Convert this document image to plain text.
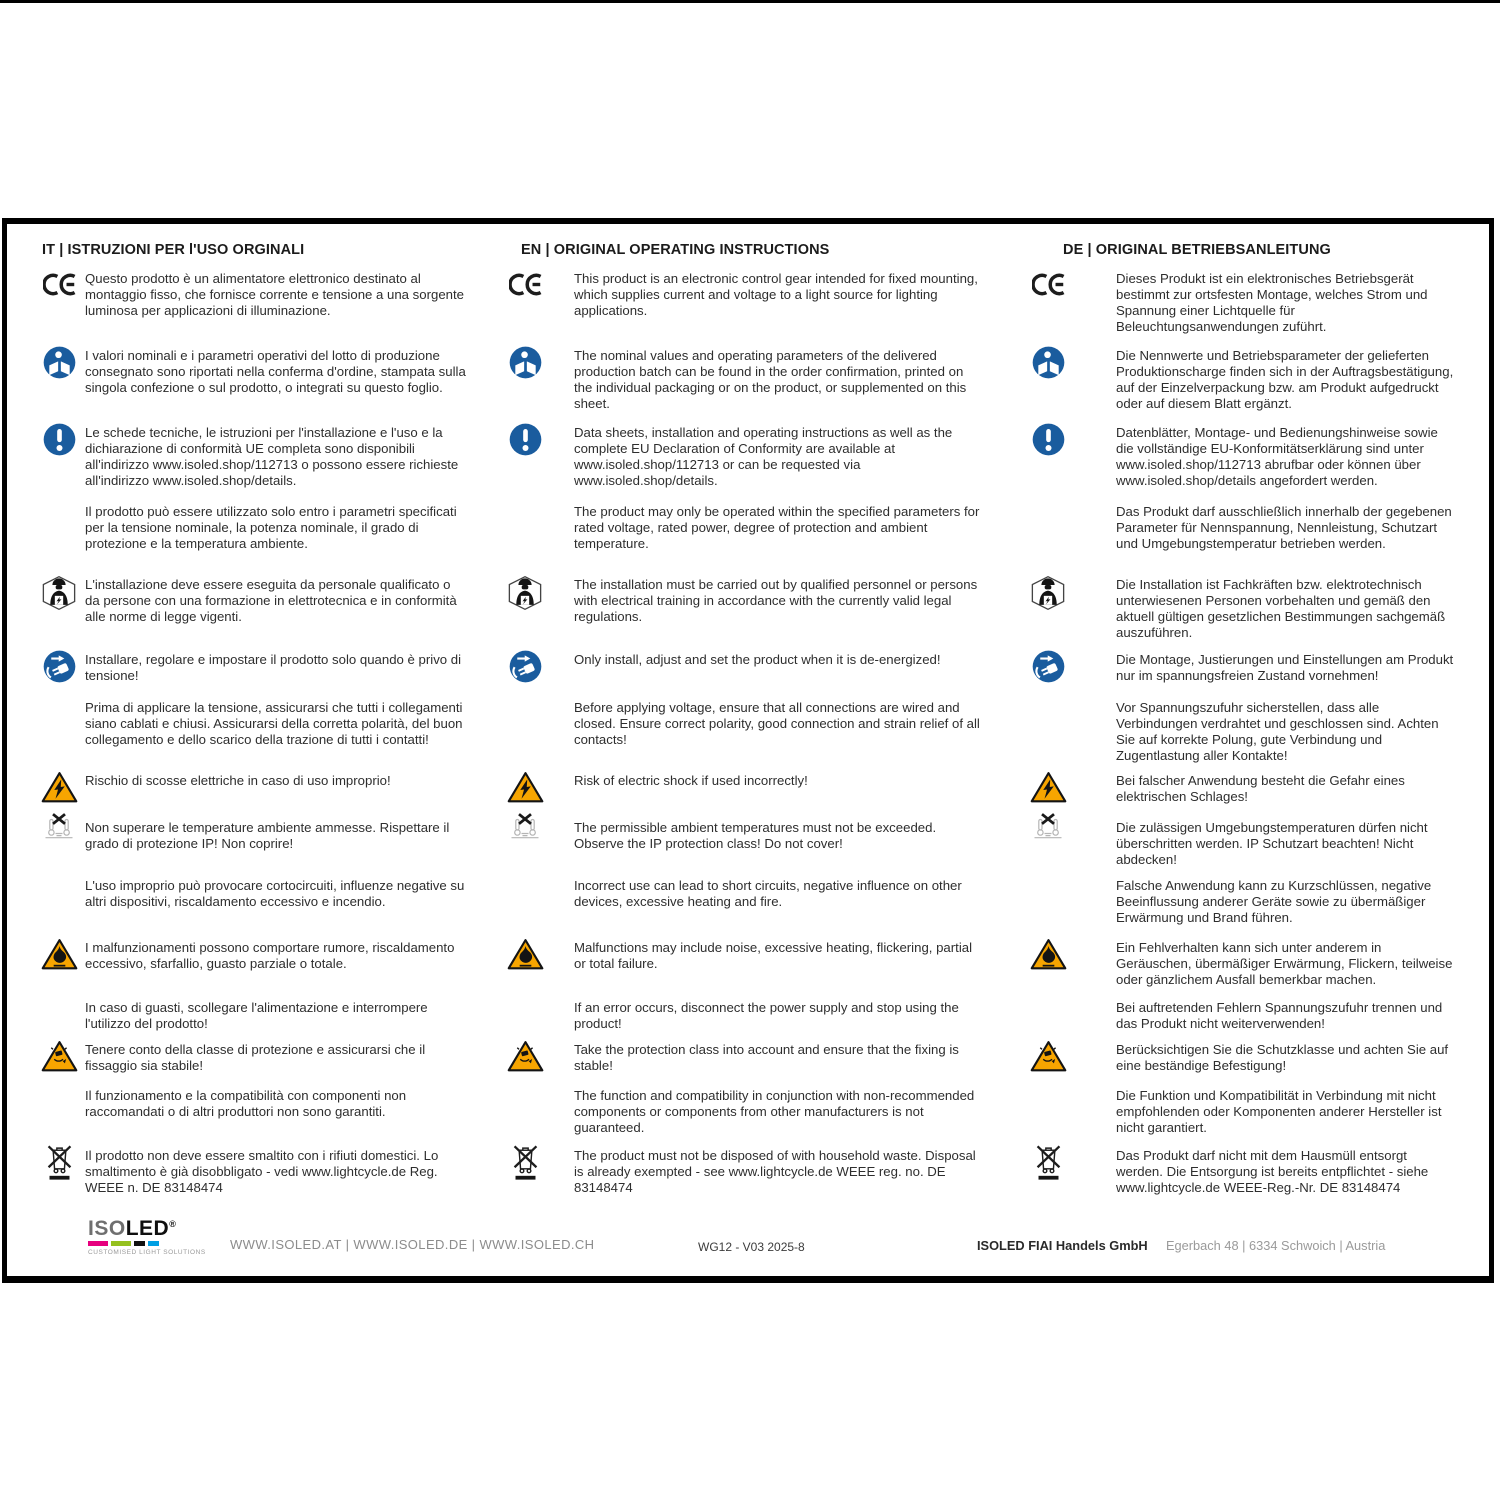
IT | ISTRUZIONI PER l'USO ORGINALI

Questo prodotto è un alimentatore elettronico destinato al montaggio fisso, che fornisce corrente e tensione a una sorgente luminosa per applicazioni di illuminazione.

I valori nominali e i parametri operativi del lotto di produzione consegnato sono riportati nella conferma d'ordine, stampata sulla singola confezione o sul prodotto, o integrati su questo foglio.

Le schede tecniche, le istruzioni per l'installazione e l'uso e la dichiarazione di conformità UE completa sono disponibili all'indirizzo www.isoled.shop/112713 o possono essere richieste all'indirizzo www.isoled.shop/details.

Il prodotto può essere utilizzato solo entro i parametri specificati per la tensione nominale, la potenza nominale, il grado di protezione e la temperatura ambiente.

L'installazione deve essere eseguita da personale qualificato o da persone con una formazione in elettrotecnica e in conformità alle norme di legge vigenti.

Installare, regolare e impostare il prodotto solo quando è privo di tensione!

Prima di applicare la tensione, assicurarsi che tutti i collegamenti siano cablati e chiusi. Assicurarsi della corretta polarità, del buon collegamento e dello scarico della trazione di tutti i contatti!

Rischio di scosse elettriche in caso di uso improprio!

Non superare le temperature ambiente ammesse. Rispettare il grado di protezione IP! Non coprire!

L'uso improprio può provocare cortocircuiti, influenze negative su altri dispositivi, riscaldamento eccessivo e incendio.

I malfunzionamenti possono comportare rumore, riscaldamento eccessivo, sfarfallio, guasto parziale o totale.

In caso di guasti, scollegare l'alimentazione e interrompere l'utilizzo del prodotto!

Tenere conto della classe di protezione e assicurarsi che il fissaggio sia stabile!

Il funzionamento e la compatibilità con componenti non raccomandati o di altri produttori non sono garantiti.

Il prodotto non deve essere smaltito con i rifiuti domestici. Lo smaltimento è già disobbligato - vedi www.lightcycle.de Reg. WEEE n. DE 83148474

EN | ORIGINAL OPERATING INSTRUCTIONS

This product is an electronic control gear intended for fixed mounting, which supplies current and voltage to a light source for lighting applications.

The nominal values and operating parameters of the delivered production batch can be found in the order confirmation, printed on the individual packaging or on the product, or supplemented on this sheet.

Data sheets, installation and operating instructions as well as the complete EU Declaration of Conformity are available at www.isoled.shop/112713 or can be requested via www.isoled.shop/details.

The product may only be operated within the specified parameters for rated voltage, rated power, degree of protection and ambient temperature.

The installation must be carried out by qualified personnel or persons with electrical training in accordance with the currently valid legal regulations.

Only install, adjust and set the product when it is de-energized!

Before applying voltage, ensure that all connections are wired and closed. Ensure correct polarity, good connection and strain relief of all contacts!

Risk of electric shock if used incorrectly!

The permissible ambient temperatures must not be exceeded. Observe the IP protection class! Do not cover!

Incorrect use can lead to short circuits, negative influence on other devices, excessive heating and fire.

Malfunctions may include noise, excessive heating, flickering, partial or total failure.

If an error occurs, disconnect the power supply and stop using the product!

Take the protection class into account and ensure that the fixing is stable!

The function and compatibility in conjunction with non-recommended components or components from other manufacturers is not guaranteed.

The product must not be disposed of with household waste. Disposal is already exempted - see www.lightcycle.de WEEE reg. no. DE 83148474

DE | ORIGINAL BETRIEBSANLEITUNG

Dieses Produkt ist ein elektronisches Betriebsgerät bestimmt zur ortsfesten Montage, welches Strom und Spannung einer Lichtquelle für Beleuchtungsanwendungen zuführt.

Die Nennwerte und Betriebsparameter der gelieferten Produktionscharge finden sich in der Auftragsbestätigung, auf der Einzelverpackung bzw. am Produkt aufgedruckt oder auf diesem Blatt ergänzt.

Datenblätter, Montage- und Bedienungshinweise sowie die vollständige EU-Konformitätserklärung sind unter www.isoled.shop/112713 abrufbar oder können über www.isoled.shop/details angefordert werden.

Das Produkt darf ausschließlich innerhalb der gegebenen Parameter für Nennspannung, Nennleistung, Schutzart und Umgebungstemperatur betrieben werden.

Die Installation ist Fachkräften bzw. elektrotechnisch unterwiesenen Personen vorbehalten und gemäß den aktuell gültigen gesetzlichen Bestimmungen sachgemäß auszuführen.

Die Montage, Justierungen und Einstellungen am Produkt nur im spannungsfreien Zustand vornehmen!

Vor Spannungszufuhr sicherstellen, dass alle Verbindungen verdrahtet und geschlossen sind. Achten Sie auf korrekte Polung, gute Verbindung und Zugentlastung aller Kontakte!

Bei falscher Anwendung besteht die Gefahr eines elektrischen Schlages!

Die zulässigen Umgebungstemperaturen dürfen nicht überschritten werden. IP Schutzart beachten! Nicht abdecken!

Falsche Anwendung kann zu Kurzschlüssen, negative Beeinflussung anderer Geräte sowie zu übermäßiger Erwärmung und Brand führen.

Ein Fehlverhalten kann sich unter anderem in Geräuschen, übermäßiger Erwärmung, Flickern, teilweise oder gänzlichem Ausfall bemerkbar machen.

Bei auftretenden Fehlern Spannungszufuhr trennen und das Produkt nicht weiterverwenden!

Berücksichtigen Sie die Schutzklasse und achten Sie auf eine beständige Befestigung!

Die Funktion und Kompatibilität in Verbindung mit nicht empfohlenden oder Komponenten anderer Hersteller ist nicht garantiert.

Das Produkt darf nicht mit dem Hausmüll entsorgt werden. Die Entsorgung ist bereits entpflichtet - siehe www.lightcycle.de WEEE-Reg.-Nr. DE 83148474

ISOLED®
CUSTOMISED LIGHT SOLUTIONS	WWW.ISOLED.AT | WWW.ISOLED.DE | WWW.ISOLED.CH	WG12 - V03 2025-8	ISOLED FIAI Handels GmbH Egerbach 48 | 6334 Schwoich | Austria
